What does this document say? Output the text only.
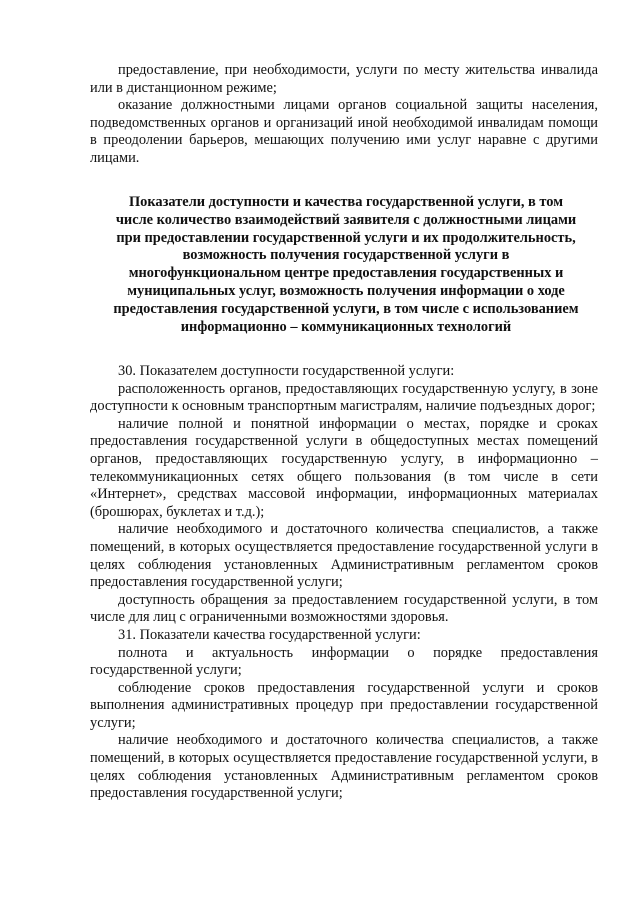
предоставление, при необходимости, услуги по месту жительства инвалида или в дистанционном режиме;

оказание должностными лицами органов социальной защиты населения, подведомственных органов и организаций иной необходимой инвалидам помощи в преодолении барьеров, мешающих получению ими услуг наравне с другими лицами.

Показатели доступности и качества государственной услуги, в том
числе количество взаимодействий заявителя с должностными лицами
при предоставлении государственной услуги и их продолжительность,
возможность получения государственной услуги в
многофункциональном центре предоставления государственных и
муниципальных услуг, возможность получения информации о ходе
предоставления государственной услуги, в том числе с использованием
информационно – коммуникационных технологий

30. Показателем доступности государственной услуги:

расположенность органов, предоставляющих государственную услугу, в зоне доступности к основным транспортным магистралям, наличие подъездных дорог;

наличие полной и понятной информации о местах, порядке и сроках предоставления государственной услуги в общедоступных местах помещений органов, предоставляющих государственную услугу, в информационно – телекоммуникационных сетях общего пользования (в том числе в сети «Интернет», средствах массовой информации, информационных материалах (брошюрах, буклетах и т.д.);

наличие необходимого и достаточного количества специалистов, а также помещений, в которых осуществляется предоставление государственной услуги в целях соблюдения установленных Административным регламентом сроков предоставления государственной услуги;

доступность обращения за предоставлением государственной услуги, в том числе для лиц с ограниченными возможностями здоровья.

31. Показатели качества государственной услуги:

полнота и актуальность информации о порядке предоставления государственной услуги;

соблюдение сроков предоставления государственной услуги и сроков выполнения административных процедур при предоставлении государственной услуги;

наличие необходимого и достаточного количества специалистов, а также помещений, в которых осуществляется предоставление государственной услуги, в целях соблюдения установленных Административным регламентом сроков предоставления государственной услуги;
